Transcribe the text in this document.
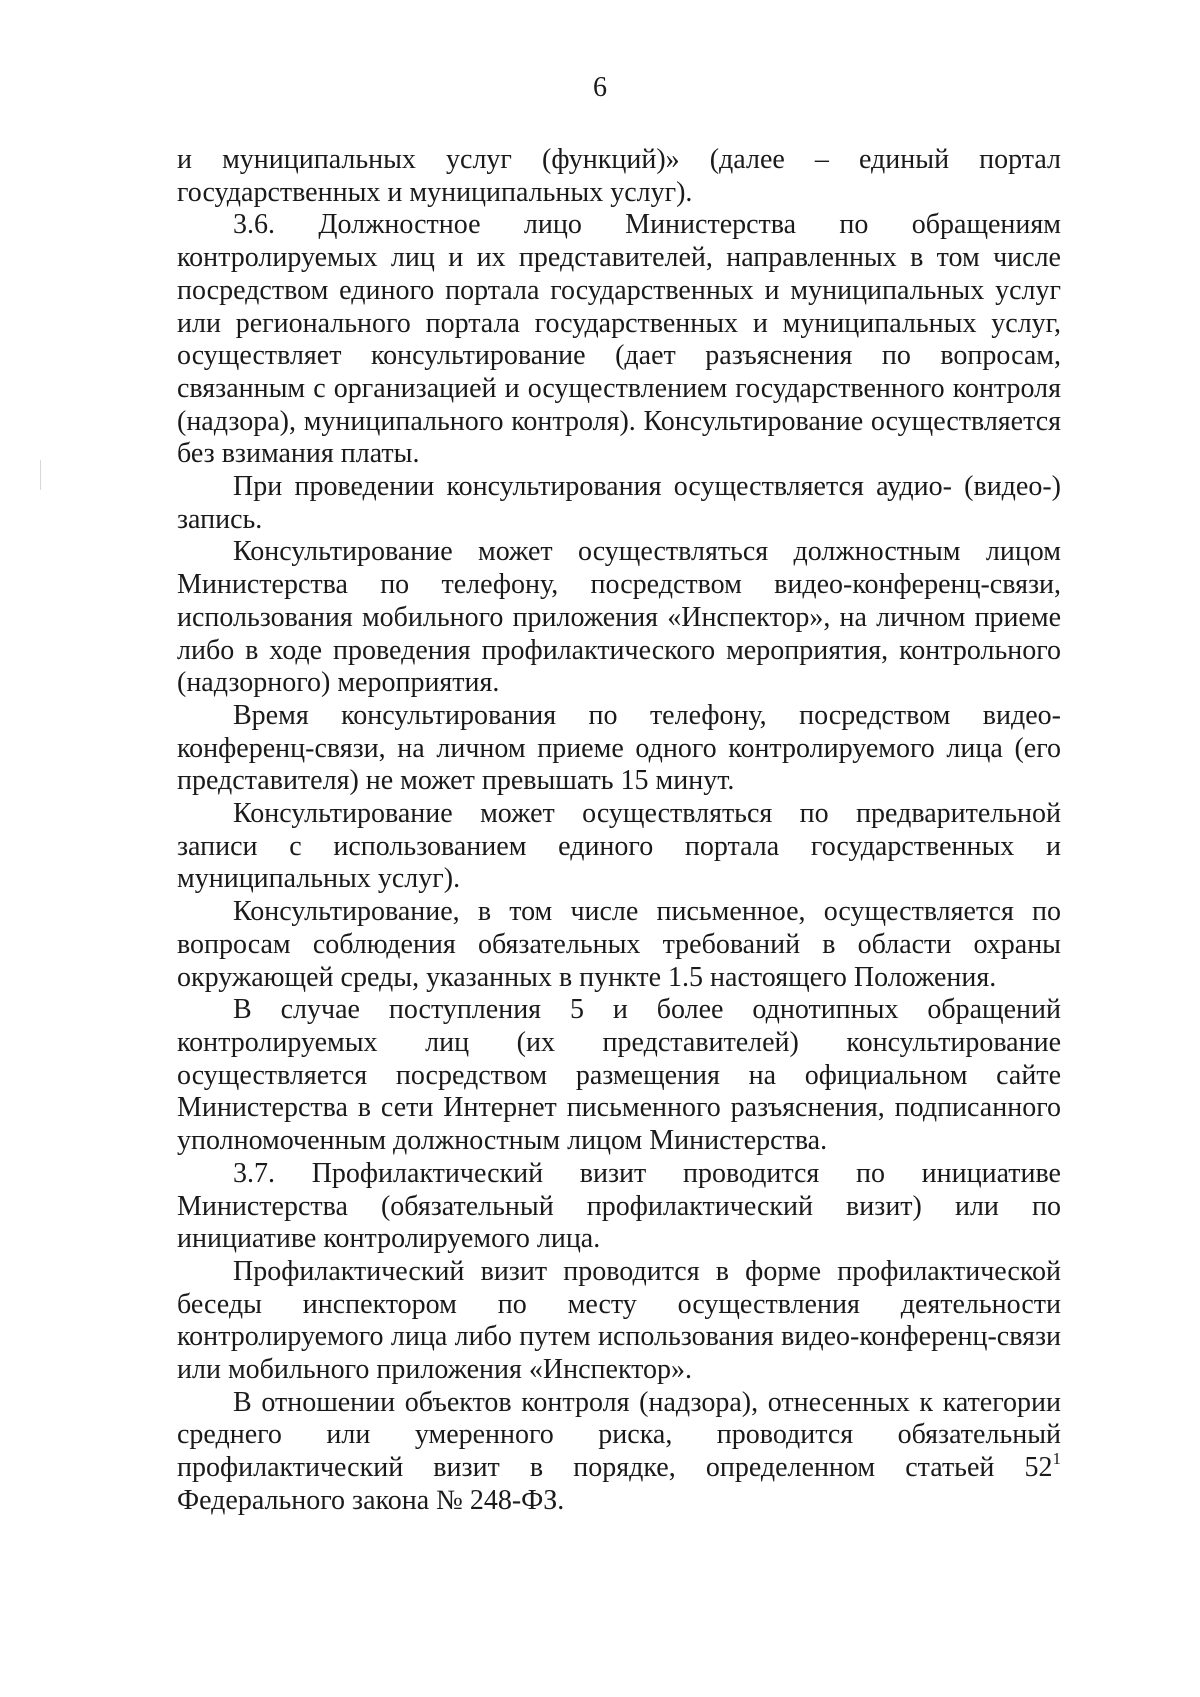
6

и муниципальных услуг (функций)» (далее – единый портал государственных и муниципальных услуг).

3.6. Должностное лицо Министерства по обращениям контролируемых лиц и их представителей, направленных в том числе посредством единого портала государственных и муниципальных услуг или регионального портала государственных и муниципальных услуг, осуществляет консультирование (дает разъяснения по вопросам, связанным с организацией и осуществлением государственного контроля (надзора), муниципального контроля). Консультирование осуществляется без взимания платы.

При проведении консультирования осуществляется аудио- (видео-) запись.

Консультирование может осуществляться должностным лицом Министерства по телефону, посредством видео-конференц-связи, использования мобильного приложения «Инспектор», на личном приеме либо в ходе проведения профилактического мероприятия, контрольного (надзорного) мероприятия.

Время консультирования по телефону, посредством видео-конференц-связи, на личном приеме одного контролируемого лица (его представителя) не может превышать 15 минут.

Консультирование может осуществляться по предварительной записи с использованием единого портала государственных и муниципальных услуг).

Консультирование, в том числе письменное, осуществляется по вопросам соблюдения обязательных требований в области охраны окружающей среды, указанных в пункте 1.5 настоящего Положения.

В случае поступления 5 и более однотипных обращений контролируемых лиц (их представителей) консультирование осуществляется посредством размещения на официальном сайте Министерства в сети Интернет письменного разъяснения, подписанного уполномоченным должностным лицом Министерства.

3.7. Профилактический визит проводится по инициативе Министерства (обязательный профилактический визит) или по инициативе контролируемого лица.

Профилактический визит проводится в форме профилактической беседы инспектором по месту осуществления деятельности контролируемого лица либо путем использования видео-конференц-связи или мобильного приложения «Инспектор».

В отношении объектов контроля (надзора), отнесенных к категории среднего или умеренного риска, проводится обязательный профилактический визит в порядке, определенном статьей $52^1$ Федерального закона № 248-ФЗ.
